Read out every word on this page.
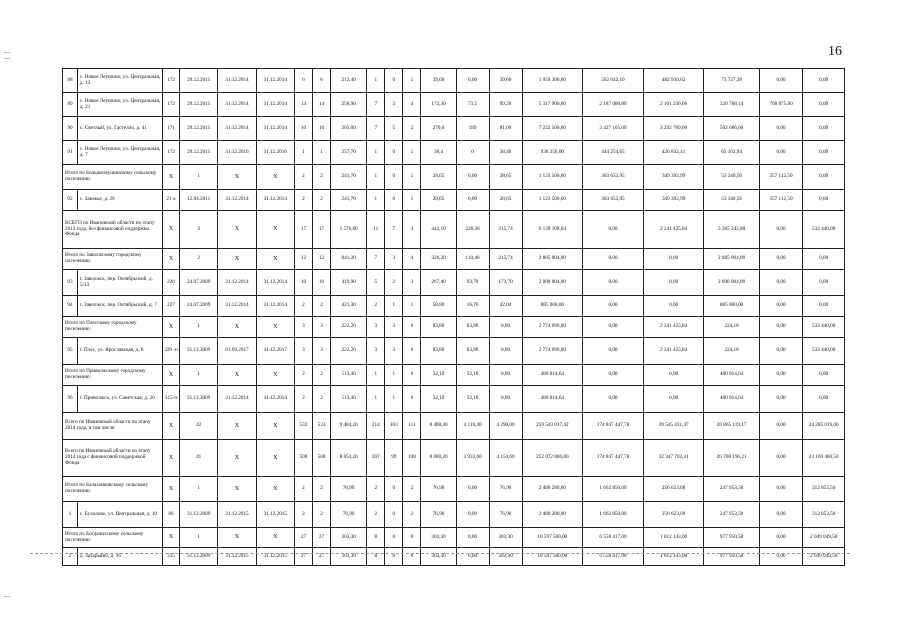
16
88	с. Новое Леушино, ул. Центральная, д. 13	172	29.12.2011	31.12.2014	31.12.2014	6	6	212,40	1	0	1	39,60	0,00	39,60	1 059 300,00	502 642,10	482 930,62	73 727,28	0,00	0,00
89	с. Новое Леушино, ул. Центральная, д. 21	172	29.12.2011	31.12.2014	31.12.2014	14	14	256,90	7	3	4	172,30	73,5	99,20	5 317 900,00	2 187 000,80	2 101 236,06	320 788,14	708 875,00	0,00
90	с. Светлый, ул. Гастелло, д. 41	171	29.12.2011	31.12.2014	31.12.2014	10	10	305,00	7	5	2	270,0	189	81,00	7 222 500,00	3 427 105,00	3 292 709,00	502 686,00	0,00	0,00
91	с. Новое Леушино, ул. Центральная, д. 7	172	29.12.2011	31.12.2016	31.12.2016	1	1	357,70	1	0	1	38,4	0	38,40	936 250,00	444 254,65	426 832,41	65 162,94	0,00	0,00
Итого по Большелеушинскому сельскому поселению:		X	1	X	X	2	2	241,70	1	0	1	28,65	0,00	28,65	1 123 500,00	363 653,95	349 392,99	53 340,56	357 112,50	0,00
92	с. Заюжье, д. 28	21-а	12.04.2011	31.12.2014	31.12.2014	2	2	241,70	1	0	1	28,65	0,00	28,65	1 123 500,00	363 653,95	349 392,99	53 340,56	357 112,50	0,00
ВСЕГО по Ивановской области по этапу 2013 года, без финансовой поддержки Фонда		X	3	X	X	17	17	1 576,80	11	7	4	442,10	226,36	215,74	6 139 108,64	0,00	2 241 425,84	3 365 242,80	0,00	532 440,00
Итого по Заволжскому городскому поселению:		X	2	X	X	12	12	841,20	7	3	4	326,20	110,46	215,74	2 885 004,00	0,00	0,00	2 885 004,00	0,00	0,00
93	г. Заволжск, пер. Октябрьский, д. 5/13	226	24.07.2009	31.12.2014	31.12.2014	10	10	419,90	5	2	3	267,40	93,70	173,70	2 000 004,00	0,00	0,00	2 000 004,00	0,00	0,00
94	г. Заволжск, пер. Октябрьский, д. 7	227	24.07.2009	31.12.2014	31.12.2014	2	2	421,30	2	1	1	58,80	16,76	42,04	885 000,00	0,00	0,00	885 000,00	0,00	0,00
Итого по Плесскому городскому поселению:		X	1	X	X	3	3	222,20	3	3	0	83,80	83,80	0,00	2 774 090,00	0,00	2 241 425,84	224,16	0,00	532 440,00
95	г. Плес, ул. Ярославская, д. 6	339 -п	31.12.2009	01.09.2017	31.12.2017	3	3	222,20	3	3	0	83,80	83,80	0,00	2 774 090,00	0,00	2 241 425,84	224,16	0,00	532 440,00
Итого по Приволжскому городскому поселению:		X	1	X	X	2	2	513,40	1	1	0	32,10	32,10	0,00	480 014,64	0,00	0,00	480 014,64	0,00	0,00
96	г. Приволжск, ул. Советская, д. 20	315-п	31.12.2009	31.12.2014	31.12.2014	2	2	513,40	1	1	0	32,10	32,10	0,00	480 014,64	0,00	0,00	480 014,64	0,00	0,00
Всего по Ивановской области по этапу 2014 года, в том числе:		X	42	X	X	533	533	9 484,20	214	103	111	8 408,40	4 118,40	4 290,00	259 543 017,42	174 847 447,78	39 545 431,47	20 865 119,17	0,00	24 285 019,00
Всего по Ивановской области по этапу 2014 года с финансовой поддержкой Фонда		X	41	X	X	508	508	8 854,20	207	99	108	8 088,20	3 933,60	4 154,60	252 072 806,80	174 847 447,78	32 347 702,31	20 708 196,21	0,00	24 169 460,50
Итого по Балахонковскому сельскому поселению:		X	1	X	X	2	2	76,90	2	0	2	76,90	0,00	76,90	2 480 280,00	1 662 850,00	256 623,00	247 953,50	0,00	312 853,50
1	с. Бухолово, ул. Центральная, д. 10	86	31.12.2009	31.12.2015	31.12.2015	2	2	76,90	2	0	2	76,90	0,00	76,90	2 480 280,00	1 662 850,00	256 623,00	247 953,50	0,00	312 853,50
Итого по Богданихскому сельскому поселению:		X	1	X	X	27	27	303,30	8	0	8	303,30	0,00	303,30	10 597 560,00	6 558 417,00	1 012 143,00	977 950,50	0,00	2 049 049,50
2	д. Захарьино, д. 16	315	31.12.2009	31.12.2015	31.12.2015	27	27	303,30	8	0	8	303,30	0,00	303,30	10 597 560,00	6 558 417,00	1 012 143,00	977 950,50	0,00	2 049 049,50
